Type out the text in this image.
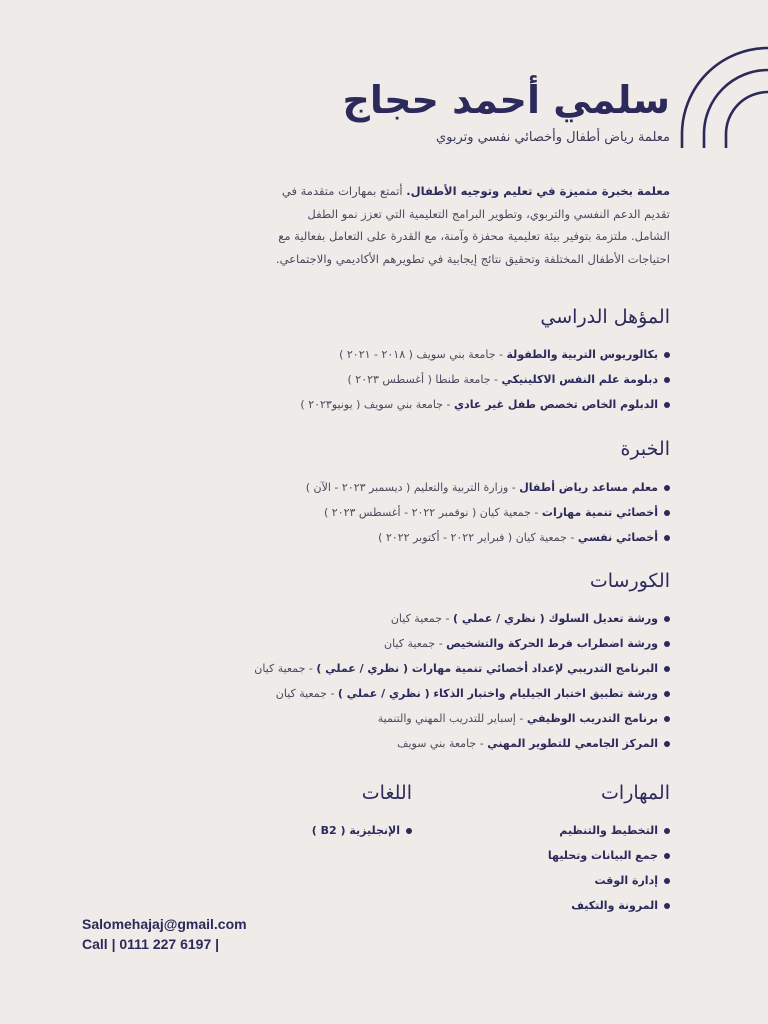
سلمي أحمد حجاج
معلمة رياض أطفال وأخصائي نفسي وتربوي

معلمة بخبرة متميزة في تعليم وتوجيه الأطفال. أتمتع بمهارات متقدمة في تقديم الدعم النفسي والتربوي، وتطوير البرامج التعليمية التي تعزز نمو الطفل الشامل. ملتزمة بتوفير بيئة تعليمية محفزة وآمنة، مع القدرة على التعامل بفعالية مع احتياجات الأطفال المختلفة وتحقيق نتائج إيجابية في تطويرهم الأكاديمي والاجتماعي.

المؤهل الدراسي
بكالوريوس التربية والطفولة - جامعة بني سويف ( ٢٠١٨ - ٢٠٢١ )
دبلومة علم النفس الاكلينيكي - جامعة طنطا ( أغسطس ٢٠٢٣ )
الدبلوم الخاص تخصص طفل غير عادي - جامعة بني سويف ( يونيو٢٠٢٣ )
الخبرة
معلم مساعد رياض أطفال - وزارة التربية والتعليم ( ديسمبر ٢٠٢٣ - الآن )
أخصائي تنمية مهارات - جمعية كيان ( نوفمبر ٢٠٢٢ - أغسطس ٢٠٢٣ )
أخصائي نفسي - جمعية كيان ( فبراير ٢٠٢٢ - أكتوبر ٢٠٢٢ )
الكورسات
ورشة تعديل السلوك ( نظري / عملي ) - جمعية كيان
ورشة اضطراب فرط الحركة والتشخيص - جمعية كيان
البرنامج التدريبي لإعداد أخصائي تنمية مهارات ( نظري / عملي ) - جمعية كيان
ورشة تطبيق اختبار الجيليام واختبار الذكاء ( نظري / عملي ) - جمعية كيان
برنامج التدريب الوظيفي - إسباير للتدريب المهني والتنمية
المركز الجامعي للتطوير المهني - جامعة بني سويف
المهارات
التخطيط والتنظيم
جمع البيانات وتحليها
إدارة الوقت
المرونة والتكيف
اللغات
الإنجليزية ( B2 )
Salomehajaj@gmail.com
Call | 0111 227 6197 |
